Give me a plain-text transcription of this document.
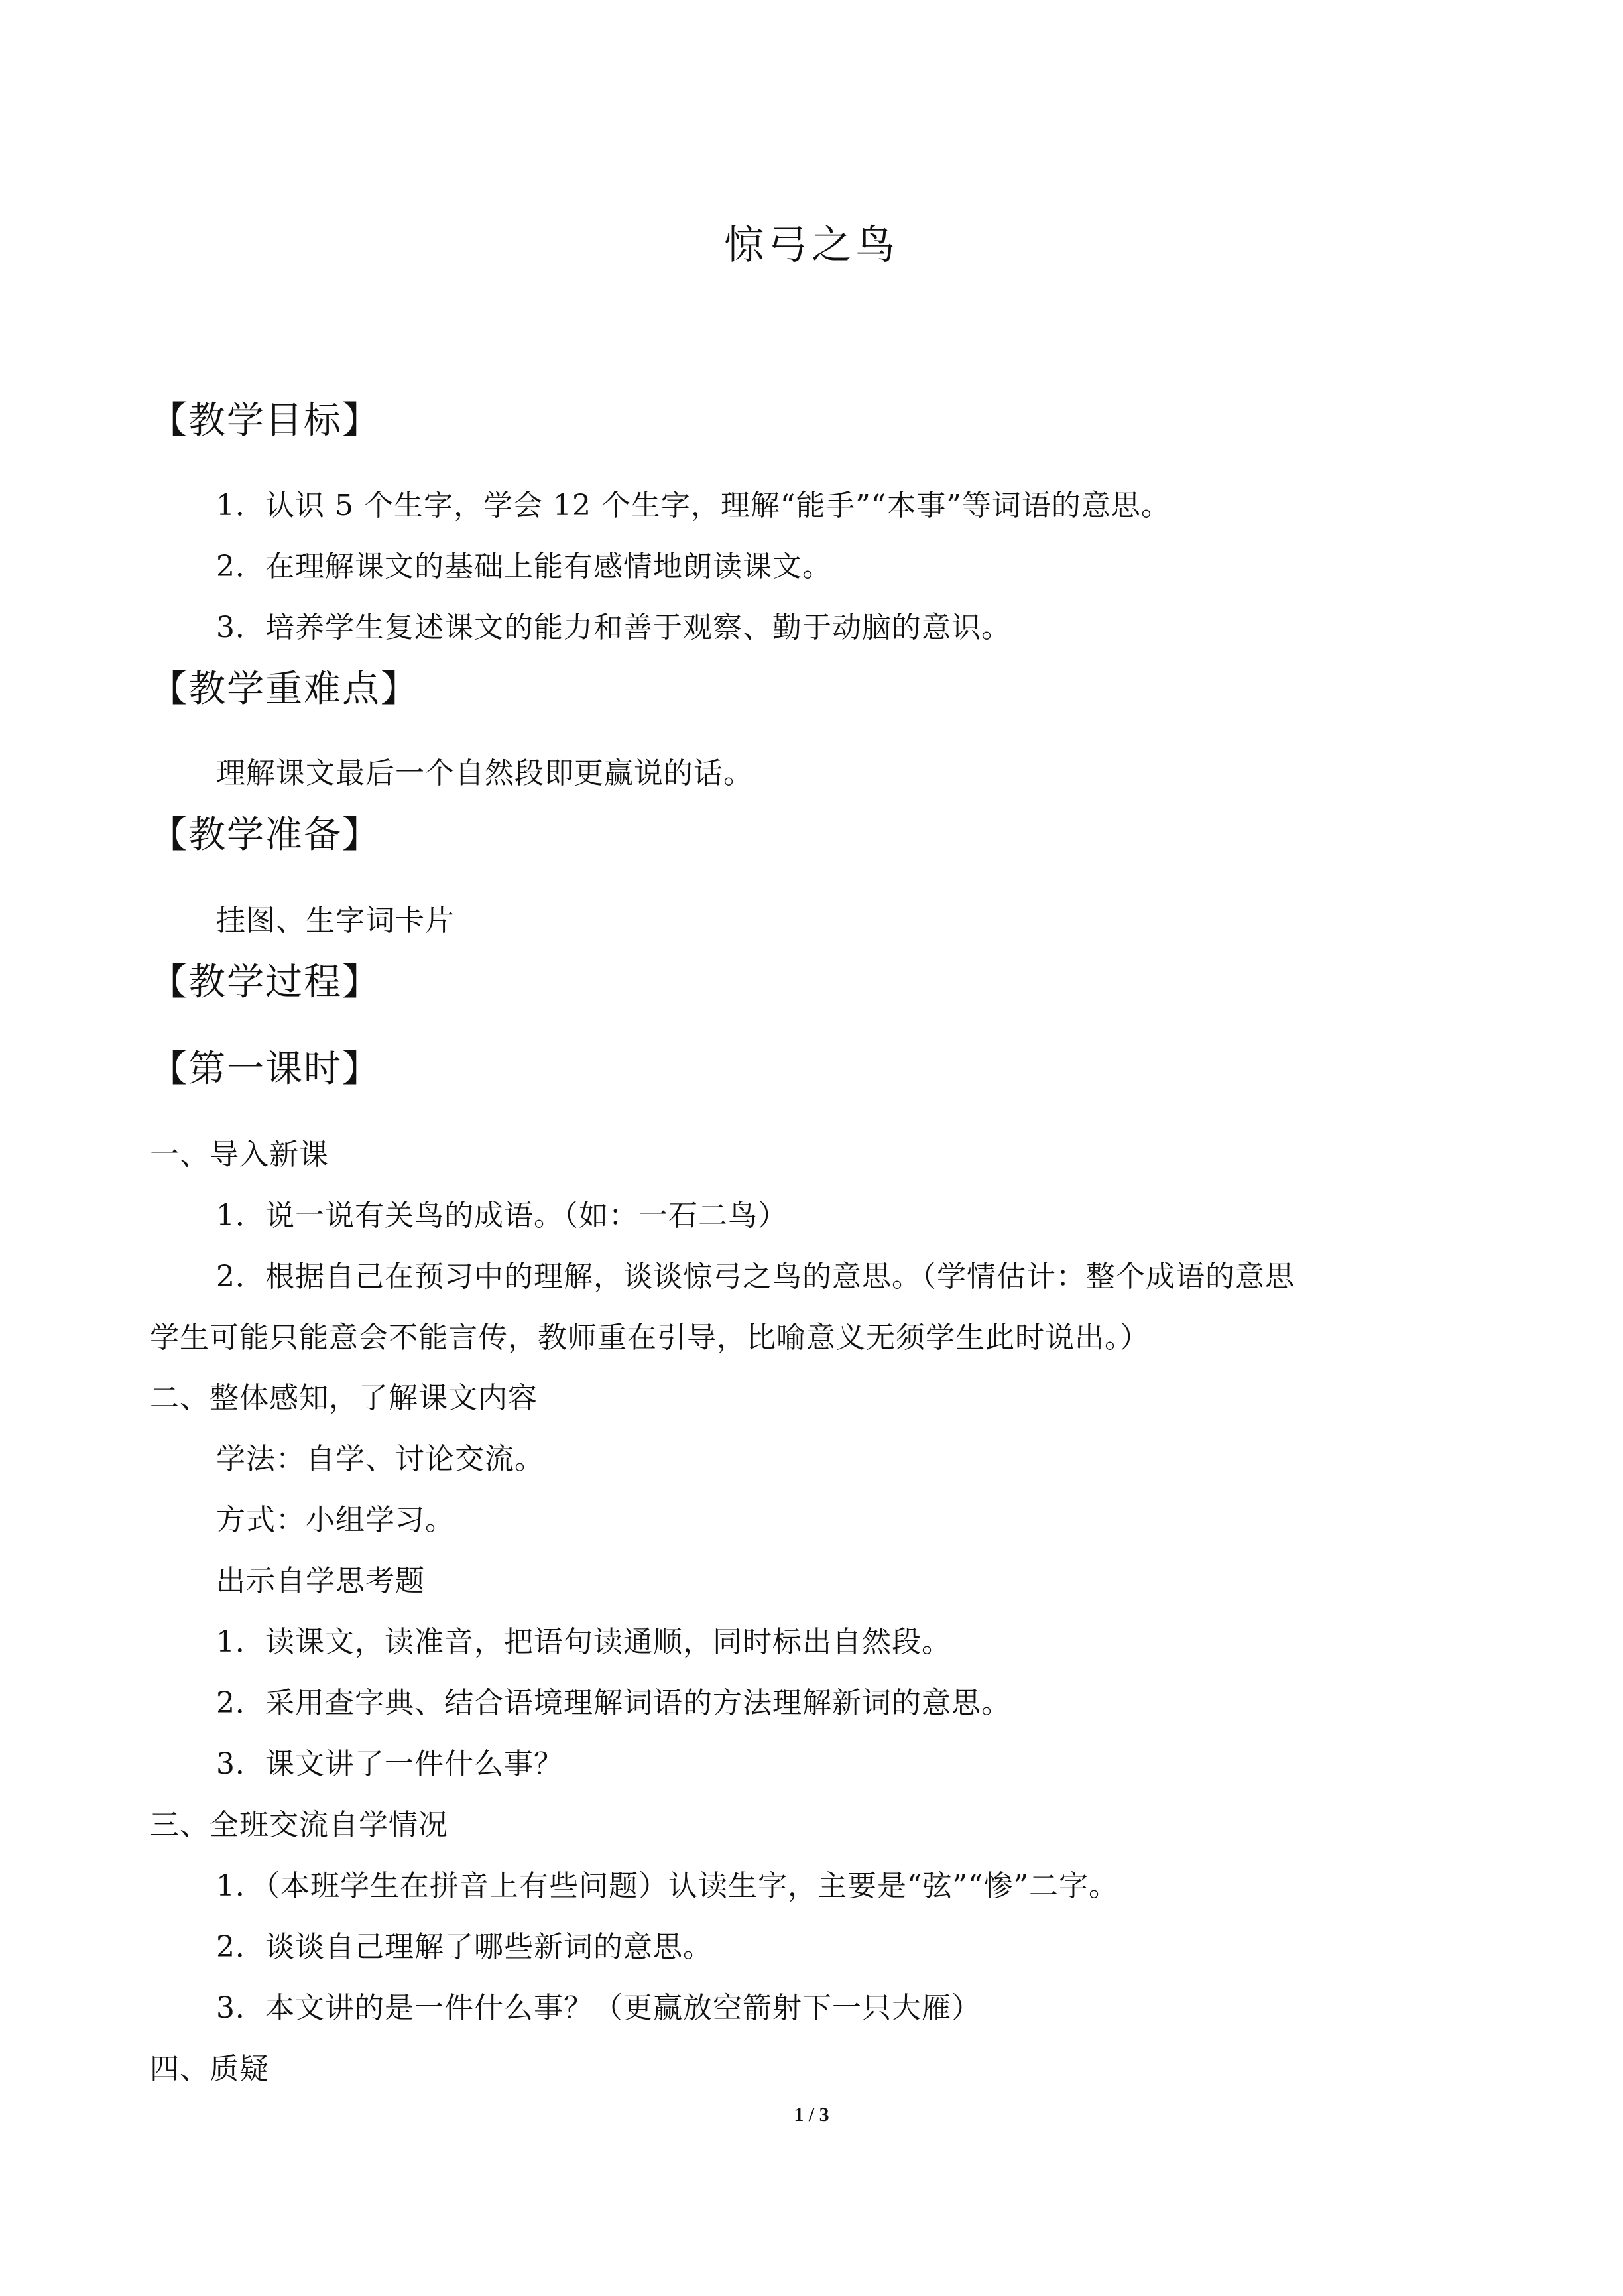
惊弓之鸟
【教学目标】
1．认识 5 个生字，学会 12 个生字，理解“能手”“本事”等词语的意思。
2．在理解课文的基础上能有感情地朗读课文。
3．培养学生复述课文的能力和善于观察、勤于动脑的意识。
【教学重难点】
理解课文最后一个自然段即更赢说的话。
【教学准备】
挂图、生字词卡片
【教学过程】
【第一课时】
一、导入新课
1．说一说有关鸟的成语。（如：一石二鸟）
2．根据自己在预习中的理解，谈谈惊弓之鸟的意思。（学情估计：整个成语的意思
学生可能只能意会不能言传，教师重在引导，比喻意义无须学生此时说出。）
二、整体感知，了解课文内容
学法：自学、讨论交流。
方式：小组学习。
出示自学思考题
1．读课文，读准音，把语句读通顺，同时标出自然段。
2．采用查字典、结合语境理解词语的方法理解新词的意思。
3．课文讲了一件什么事？
三、全班交流自学情况
1．（本班学生在拼音上有些问题）认读生字，主要是“弦”“惨”二字。
2．谈谈自己理解了哪些新词的意思。
3．本文讲的是一件什么事？（更赢放空箭射下一只大雁）
四、质疑
1 / 3
